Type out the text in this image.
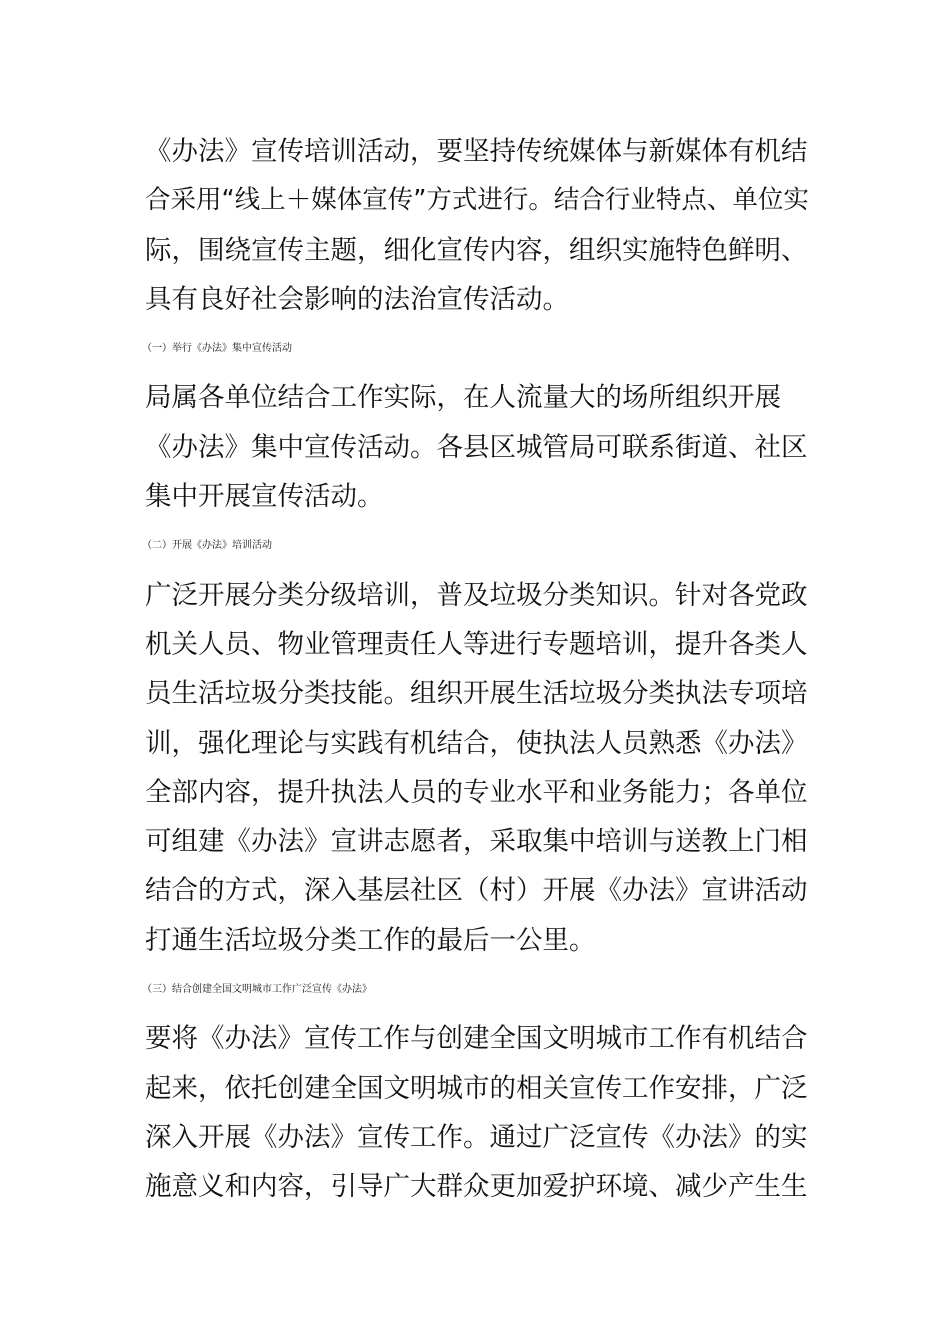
《办法》宣传培训活动，要坚持传统媒体与新媒体有机结
合采用“线上＋媒体宣传”方式进行。结合行业特点、单位实
际，围绕宣传主题，细化宣传内容，组织实施特色鲜明、
具有良好社会影响的法治宣传活动。
（一）举行《办法》集中宣传活动
局属各单位结合工作实际，在人流量大的场所组织开展
《办法》集中宣传活动。各县区城管局可联系街道、社区
集中开展宣传活动。
（二）开展《办法》培训活动
广泛开展分类分级培训，普及垃圾分类知识。针对各党政
机关人员、物业管理责任人等进行专题培训，提升各类人
员生活垃圾分类技能。组织开展生活垃圾分类执法专项培
训，强化理论与实践有机结合，使执法人员熟悉《办法》
全部内容，提升执法人员的专业水平和业务能力；各单位
可组建《办法》宣讲志愿者，采取集中培训与送教上门相
结合的方式，深入基层社区（村）开展《办法》宣讲活动
打通生活垃圾分类工作的最后一公里。
（三）结合创建全国文明城市工作广泛宣传《办法》
要将《办法》宣传工作与创建全国文明城市工作有机结合
起来，依托创建全国文明城市的相关宣传工作安排，广泛
深入开展《办法》宣传工作。通过广泛宣传《办法》的实
施意义和内容，引导广大群众更加爱护环境、减少产生生
